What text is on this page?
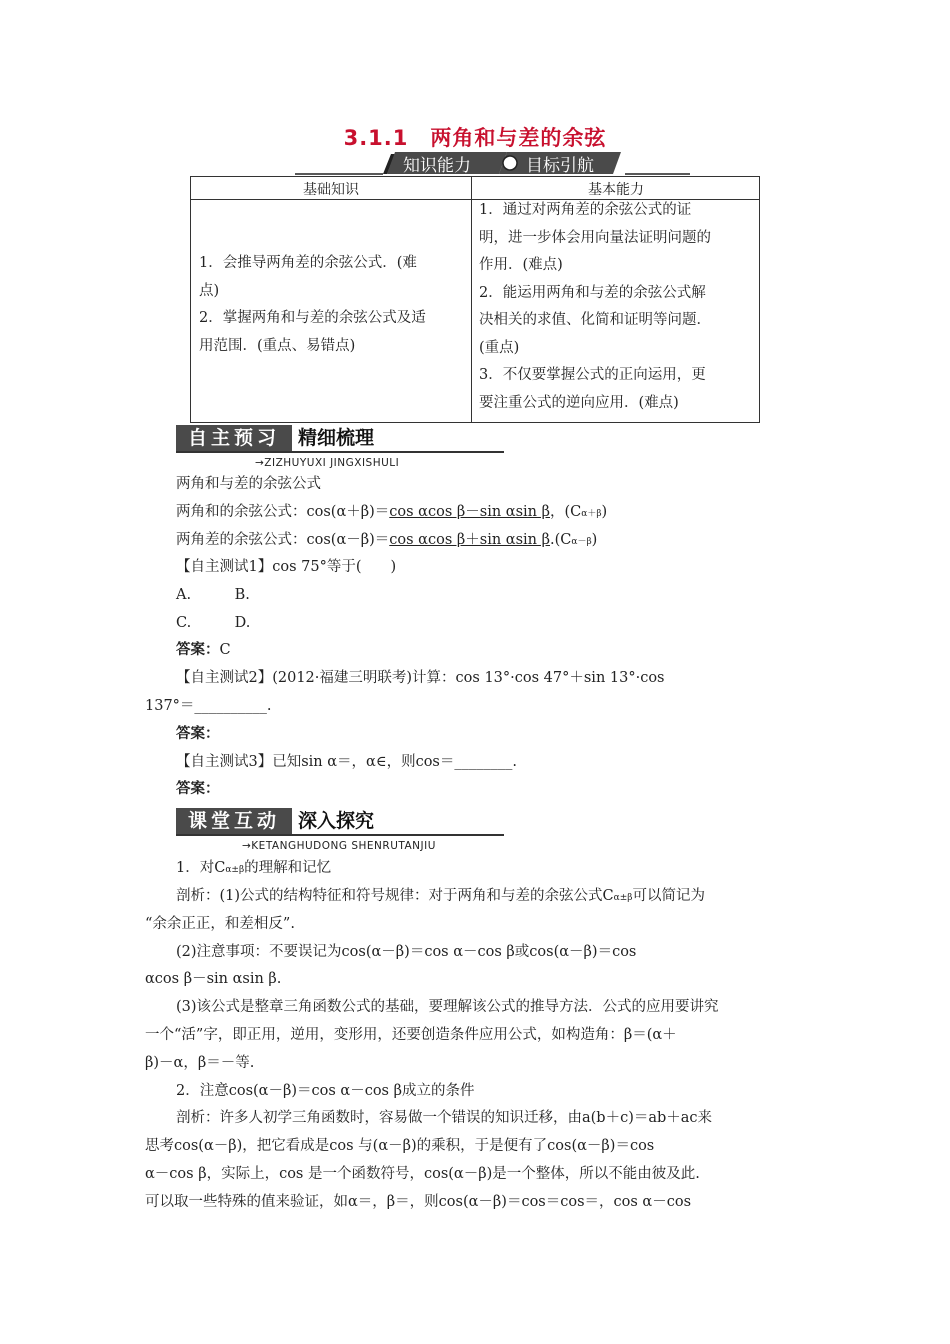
3.1.1　两角和与差的余弦
知识能力	目标引航
基础知识	基本能力
1．会推导两角差的余弦公式．(难
点)
2．掌握两角和与差的余弦公式及适
用范围．(重点、易错点)
1．通过对两角差的余弦公式的证
明，进一步体会用向量法证明问题的
作用．(难点)
2．能运用两角和与差的余弦公式解
决相关的求值、化简和证明等问题．
(重点)
3．不仅要掌握公式的正向运用，更
要注重公式的逆向应用．(难点)
自主预习 精细梳理
→ZIZHUYUXI JINGXISHULI
两角和与差的余弦公式
两角和的余弦公式：cos(α＋β)＝cos αcos β－sin αsin β，(Cα＋β)
两角差的余弦公式：cos(α－β)＝cos αcos β＋sin αsin β.(Cα－β)
【自主测试1】cos 75°等于(　　)
A.　　　B.
C.　　　D.
答案：C
【自主测试2】(2012·福建三明联考)计算：cos 13°·cos 47°＋sin 13°·cos
137°＝__________.
答案：
【自主测试3】已知sin α＝，α∈，则cos＝________.
答案：
课堂互动 深入探究
→KETANGHUDONG SHENRUTANJIU
1．对Cα±β的理解和记忆
剖析：(1)公式的结构特征和符号规律：对于两角和与差的余弦公式Cα±β可以简记为
“余余正正，和差相反”.
(2)注意事项：不要误记为cos(α－β)＝cos α－cos β或cos(α－β)＝cos
αcos β－sin αsin β.
(3)该公式是整章三角函数公式的基础，要理解该公式的推导方法．公式的应用要讲究
一个“活”字，即正用，逆用，变形用，还要创造条件应用公式，如构造角：β＝(α＋
β)－α，β＝－等.
2．注意cos(α－β)＝cos α－cos β成立的条件
剖析：许多人初学三角函数时，容易做一个错误的知识迁移，由a(b＋c)＝ab＋ac来
思考cos(α－β)，把它看成是cos 与(α－β)的乘积，于是便有了cos(α－β)＝cos
α－cos β，实际上，cos 是一个函数符号，cos(α－β)是一个整体，所以不能由彼及此.
可以取一些特殊的值来验证，如α＝，β＝，则cos(α－β)＝cos＝cos＝，cos α－cos
